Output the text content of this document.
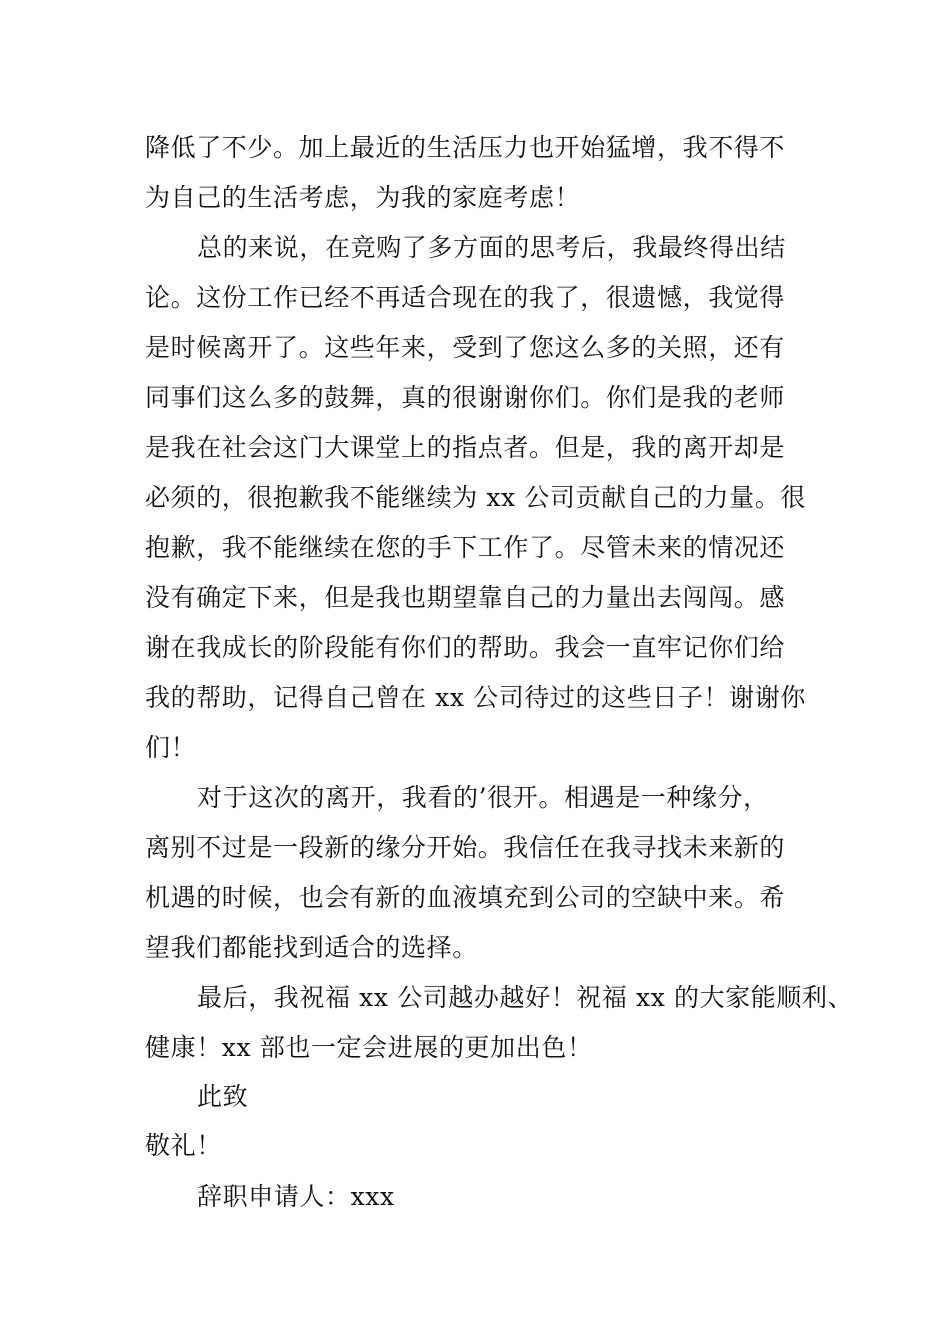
降低了不少。加上最近的生活压力也开始猛增，我不得不
为自己的生活考虑，为我的家庭考虑！
总的来说，在竞购了多方面的思考后，我最终得出结
论。这份工作已经不再适合现在的我了，很遗憾，我觉得
是时候离开了。这些年来，受到了您这么多的关照，还有
同事们这么多的鼓舞，真的很谢谢你们。你们是我的老师
是我在社会这门大课堂上的指点者。但是，我的离开却是
必须的，很抱歉我不能继续为 xx 公司贡献自己的力量。很
抱歉，我不能继续在您的手下工作了。尽管未来的情况还
没有确定下来，但是我也期望靠自己的力量出去闯闯。感
谢在我成长的阶段能有你们的帮助。我会一直牢记你们给
我的帮助，记得自己曾在 xx 公司待过的这些日子！谢谢你
们！
对于这次的离开，我看的’很开。相遇是一种缘分，
离别不过是一段新的缘分开始。我信任在我寻找未来新的
机遇的时候，也会有新的血液填充到公司的空缺中来。希
望我们都能找到适合的选择。
最后，我祝福 xx 公司越办越好！祝福 xx 的大家能顺利、
健康！xx 部也一定会进展的更加出色！
此致
敬礼！
辞职申请人：xxx
